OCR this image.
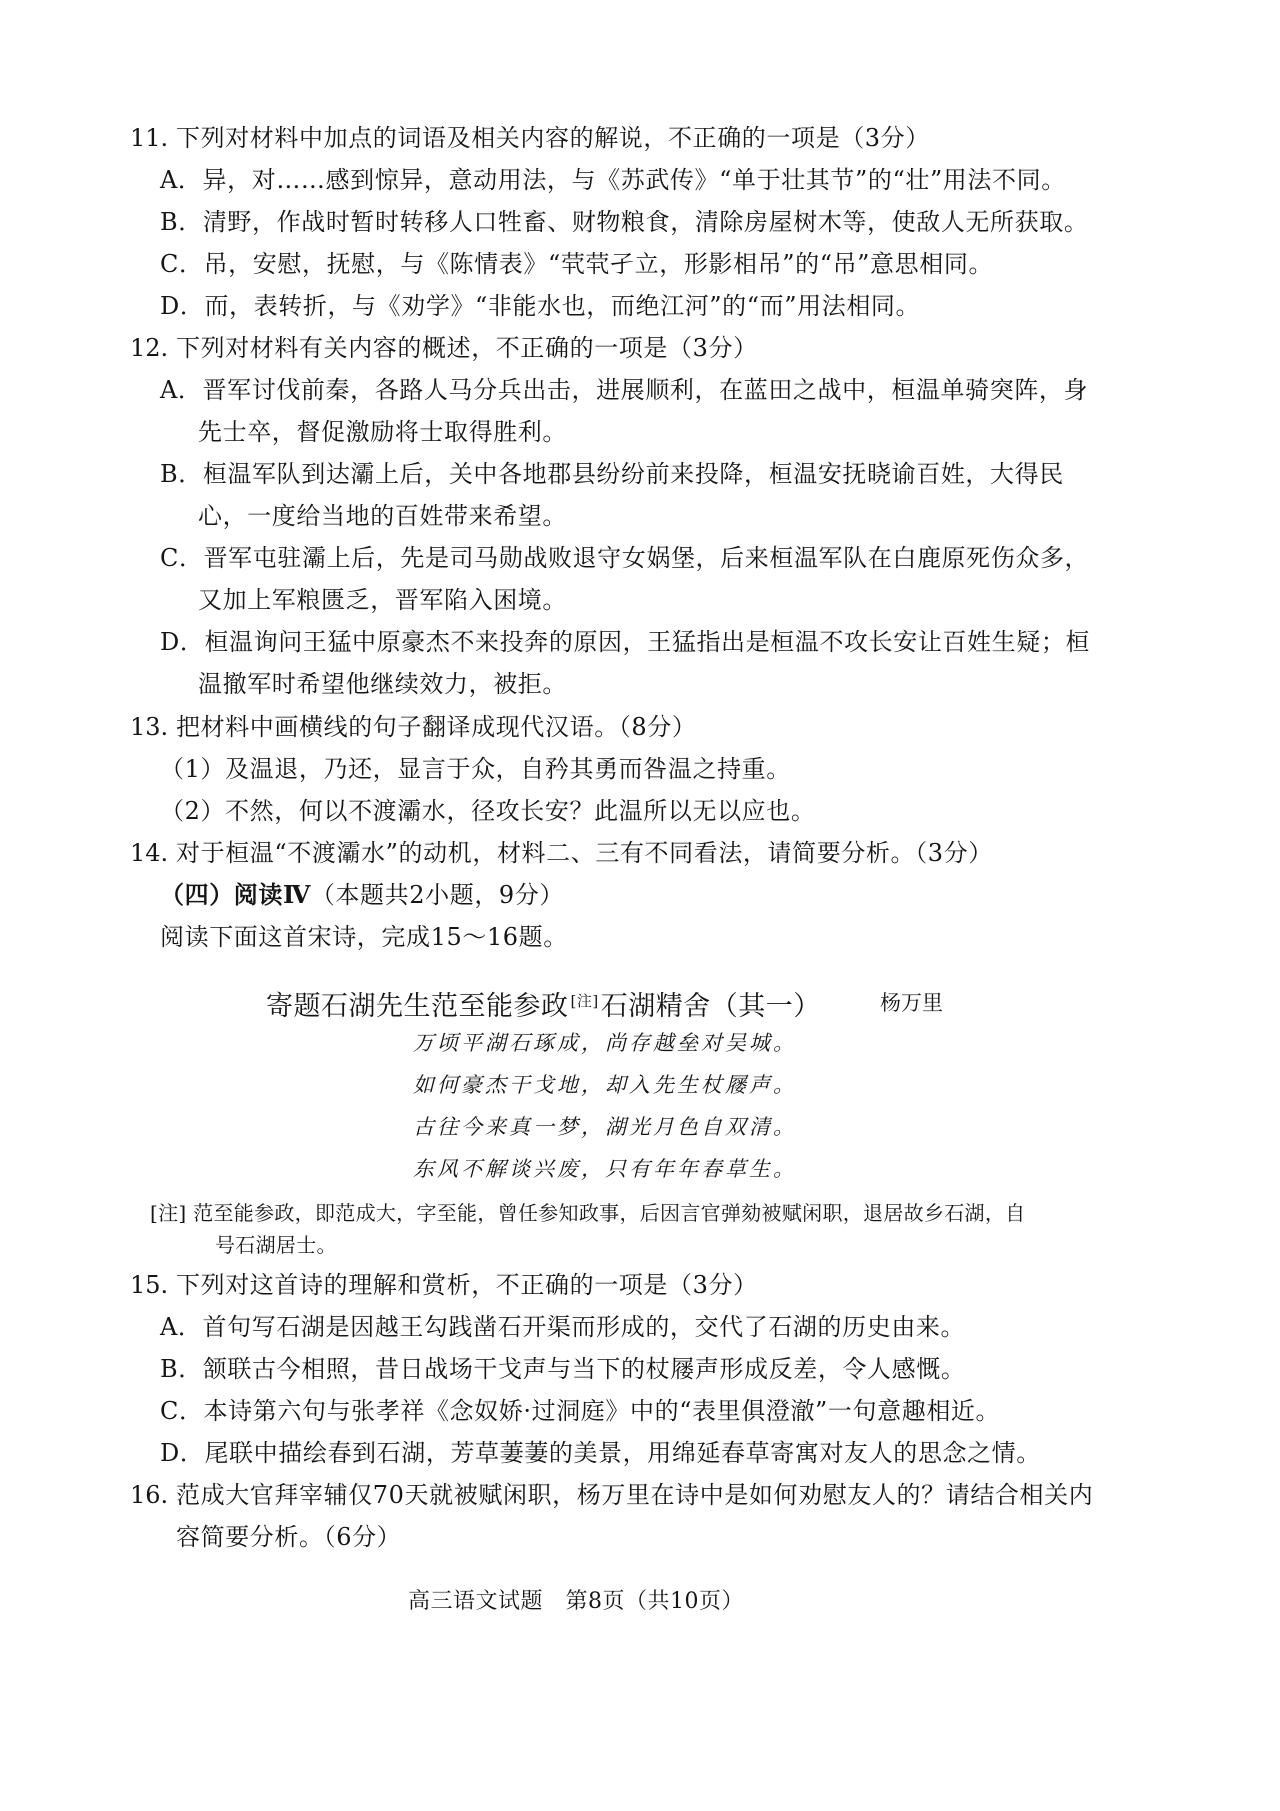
11. 下列对材料中加点的词语及相关内容的解说，不正确的一项是（3分）
A．异，对……感到惊异，意动用法，与《苏武传》“单于壮其节”的“壮”用法不同。
B．清野，作战时暂时转移人口牲畜、财物粮食，清除房屋树木等，使敌人无所获取。
C．吊，安慰，抚慰，与《陈情表》“茕茕孑立，形影相吊”的“吊”意思相同。
D．而，表转折，与《劝学》“非能水也，而绝江河”的“而”用法相同。
12. 下列对材料有关内容的概述，不正确的一项是（3分）
A．晋军讨伐前秦，各路人马分兵出击，进展顺利，在蓝田之战中，桓温单骑突阵，身
先士卒，督促激励将士取得胜利。
B．桓温军队到达灞上后，关中各地郡县纷纷前来投降，桓温安抚晓谕百姓，大得民
心，一度给当地的百姓带来希望。
C．晋军屯驻灞上后，先是司马勋战败退守女娲堡，后来桓温军队在白鹿原死伤众多，
又加上军粮匮乏，晋军陷入困境。
D．桓温询问王猛中原豪杰不来投奔的原因，王猛指出是桓温不攻长安让百姓生疑；桓
温撤军时希望他继续效力，被拒。
13. 把材料中画横线的句子翻译成现代汉语。（8分）
（1）及温退，乃还，显言于众，自矜其勇而咎温之持重。
（2）不然，何以不渡灞水，径攻长安？此温所以无以应也。
14. 对于桓温“不渡灞水”的动机，材料二、三有不同看法，请简要分析。（3分）
（四）阅读Ⅳ（本题共2小题，9分）
阅读下面这首宋诗，完成15～16题。
寄题石湖先生范至能参政 [注]石湖精舍（其一）	杨万里
万顷平湖石琢成，尚存越垒对吴城。
如何豪杰干戈地，却入先生杖屦声。
古往今来真一梦，湖光月色自双清。
东风不解谈兴废，只有年年春草生。
[注] 范至能参政，即范成大，字至能，曾任参知政事，后因言官弹劾被赋闲职，退居故乡石湖，自
号石湖居士。
15. 下列对这首诗的理解和赏析，不正确的一项是（3分）
A．首句写石湖是因越王勾践凿石开渠而形成的，交代了石湖的历史由来。
B．颔联古今相照，昔日战场干戈声与当下的杖屦声形成反差，令人感慨。
C．本诗第六句与张孝祥《念奴娇·过洞庭》中的“表里俱澄澈”一句意趣相近。
D．尾联中描绘春到石湖，芳草萋萋的美景，用绵延春草寄寓对友人的思念之情。
16. 范成大官拜宰辅仅70天就被赋闲职，杨万里在诗中是如何劝慰友人的？请结合相关内
容简要分析。（6分）
高三语文试题　第8页（共10页）
